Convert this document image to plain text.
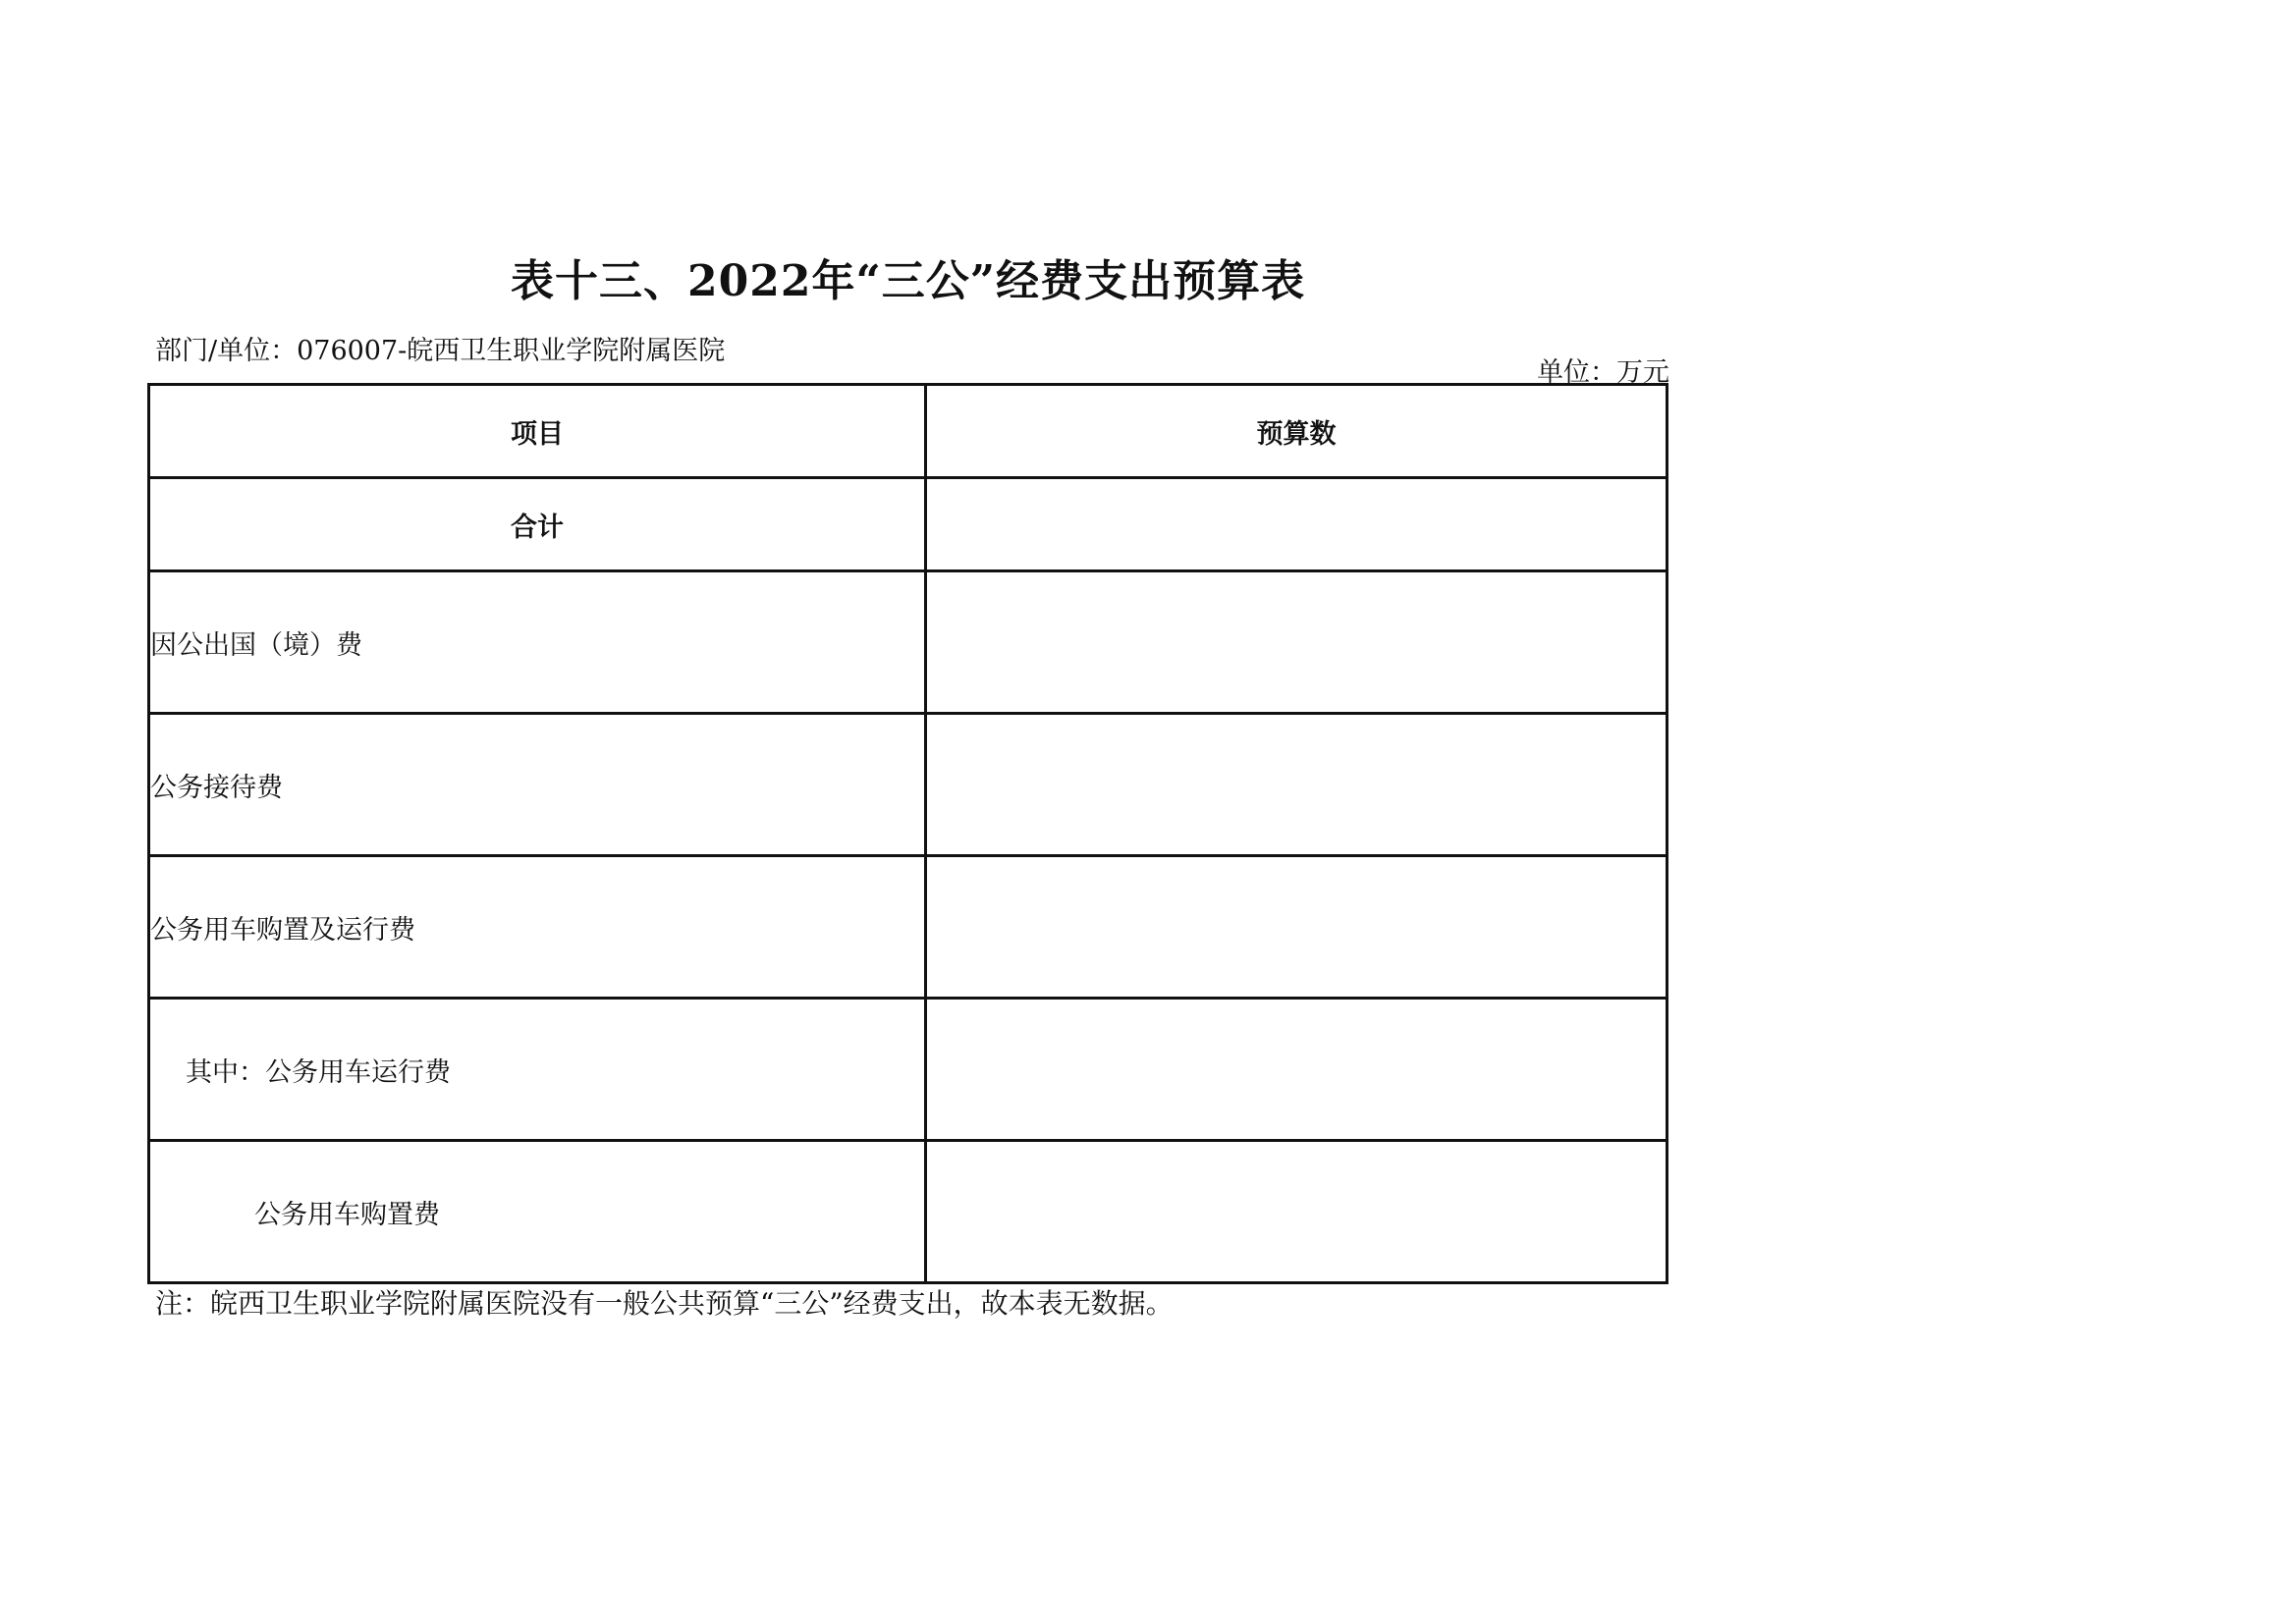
表十三、2022年“三公”经费支出预算表
部门/单位：076007-皖西卫生职业学院附属医院
单位：万元
项目	预算数
合计	
因公出国（境）费	
公务接待费	
公务用车购置及运行费	
其中：公务用车运行费	
公务用车购置费	
注：皖西卫生职业学院附属医院没有一般公共预算“三公”经费支出，故本表无数据。
